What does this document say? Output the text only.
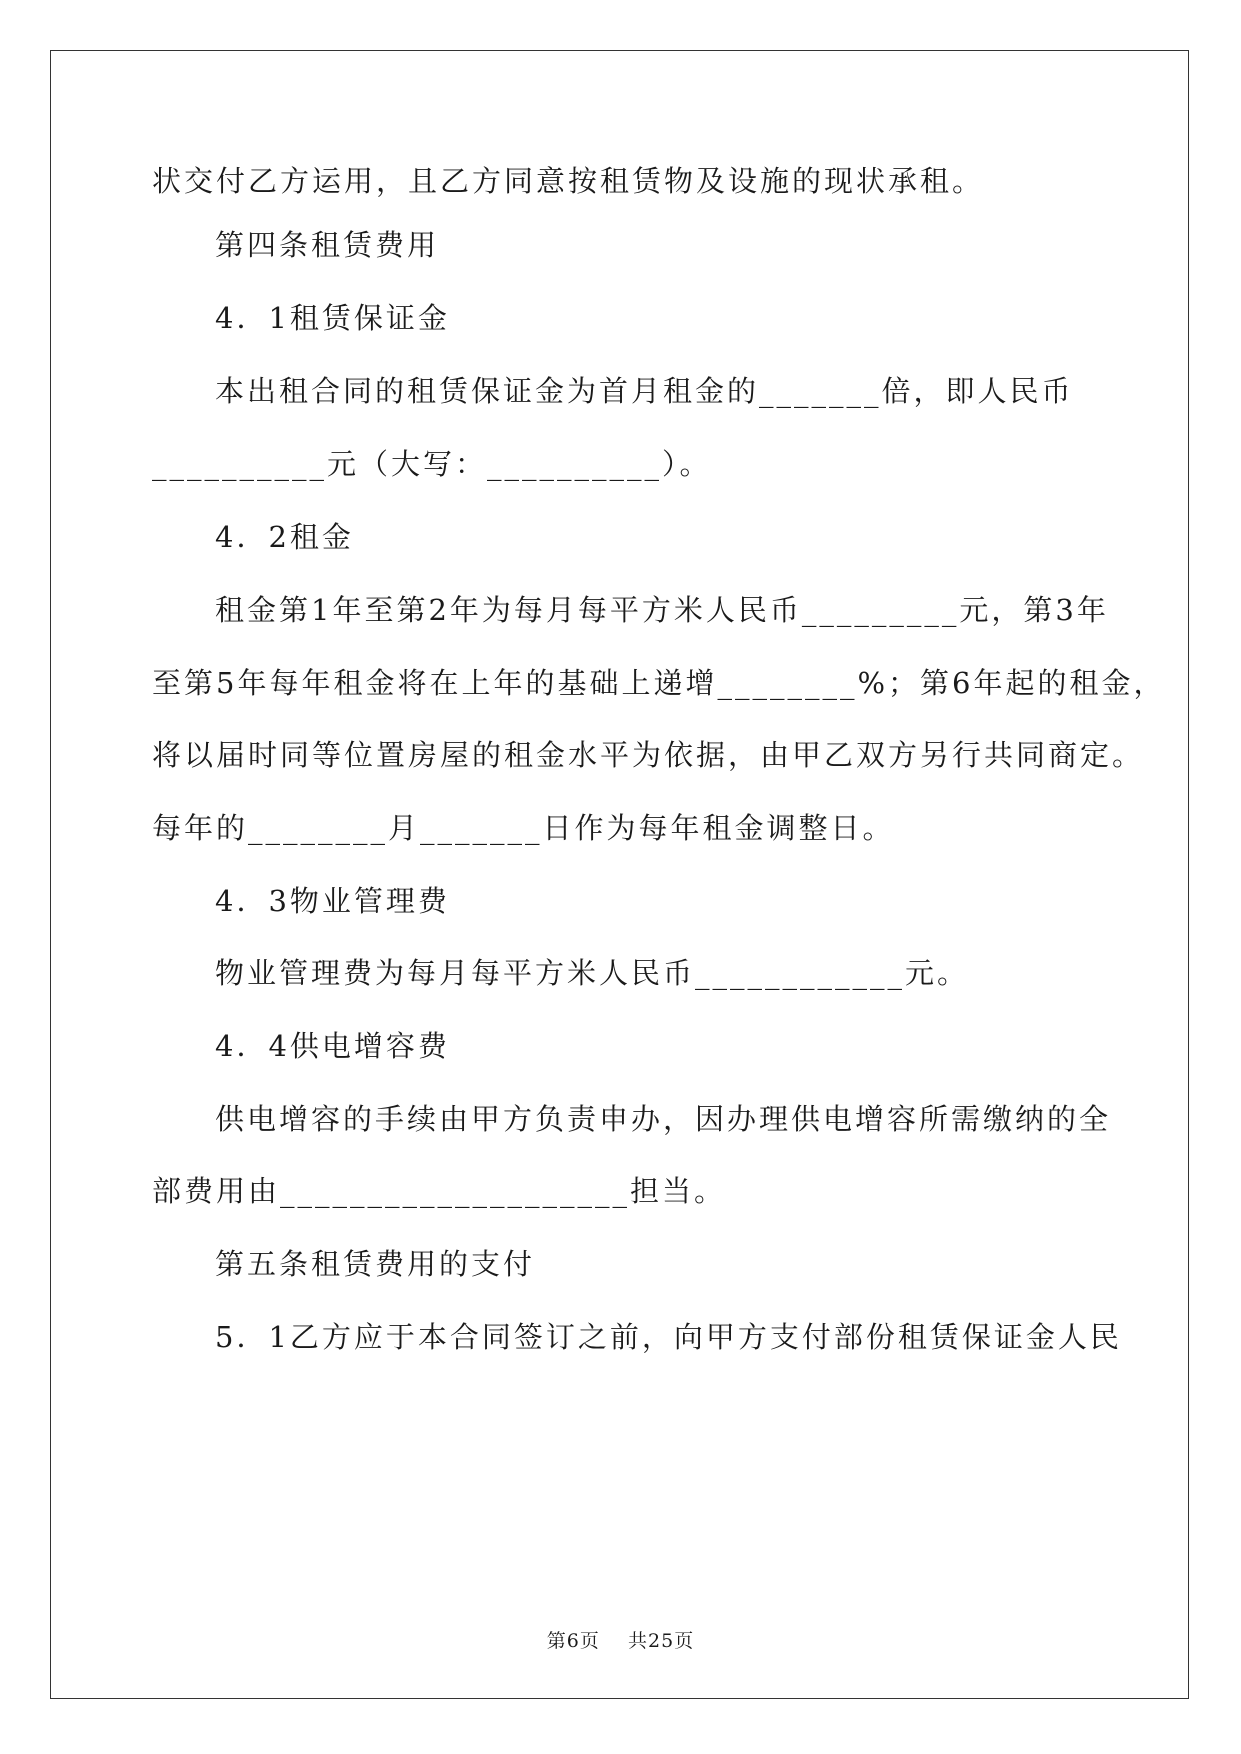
状交付乙方运用，且乙方同意按租赁物及设施的现状承租。
第四条租赁费用
4．1租赁保证金
本出租合同的租赁保证金为首月租金的_______倍，即人民币
__________元（大写：__________）。
4．2租金
租金第1年至第2年为每月每平方米人民币_________元，第3年
至第5年每年租金将在上年的基础上递增________%；第6年起的租金，
将以届时同等位置房屋的租金水平为依据，由甲乙双方另行共同商定。
每年的________月_______日作为每年租金调整日。
4．3物业管理费
物业管理费为每月每平方米人民币____________元。
4．4供电增容费
供电增容的手续由甲方负责申办，因办理供电增容所需缴纳的全
部费用由____________________担当。
第五条租赁费用的支付
5．1乙方应于本合同签订之前，向甲方支付部份租赁保证金人民
第6页    共25页
